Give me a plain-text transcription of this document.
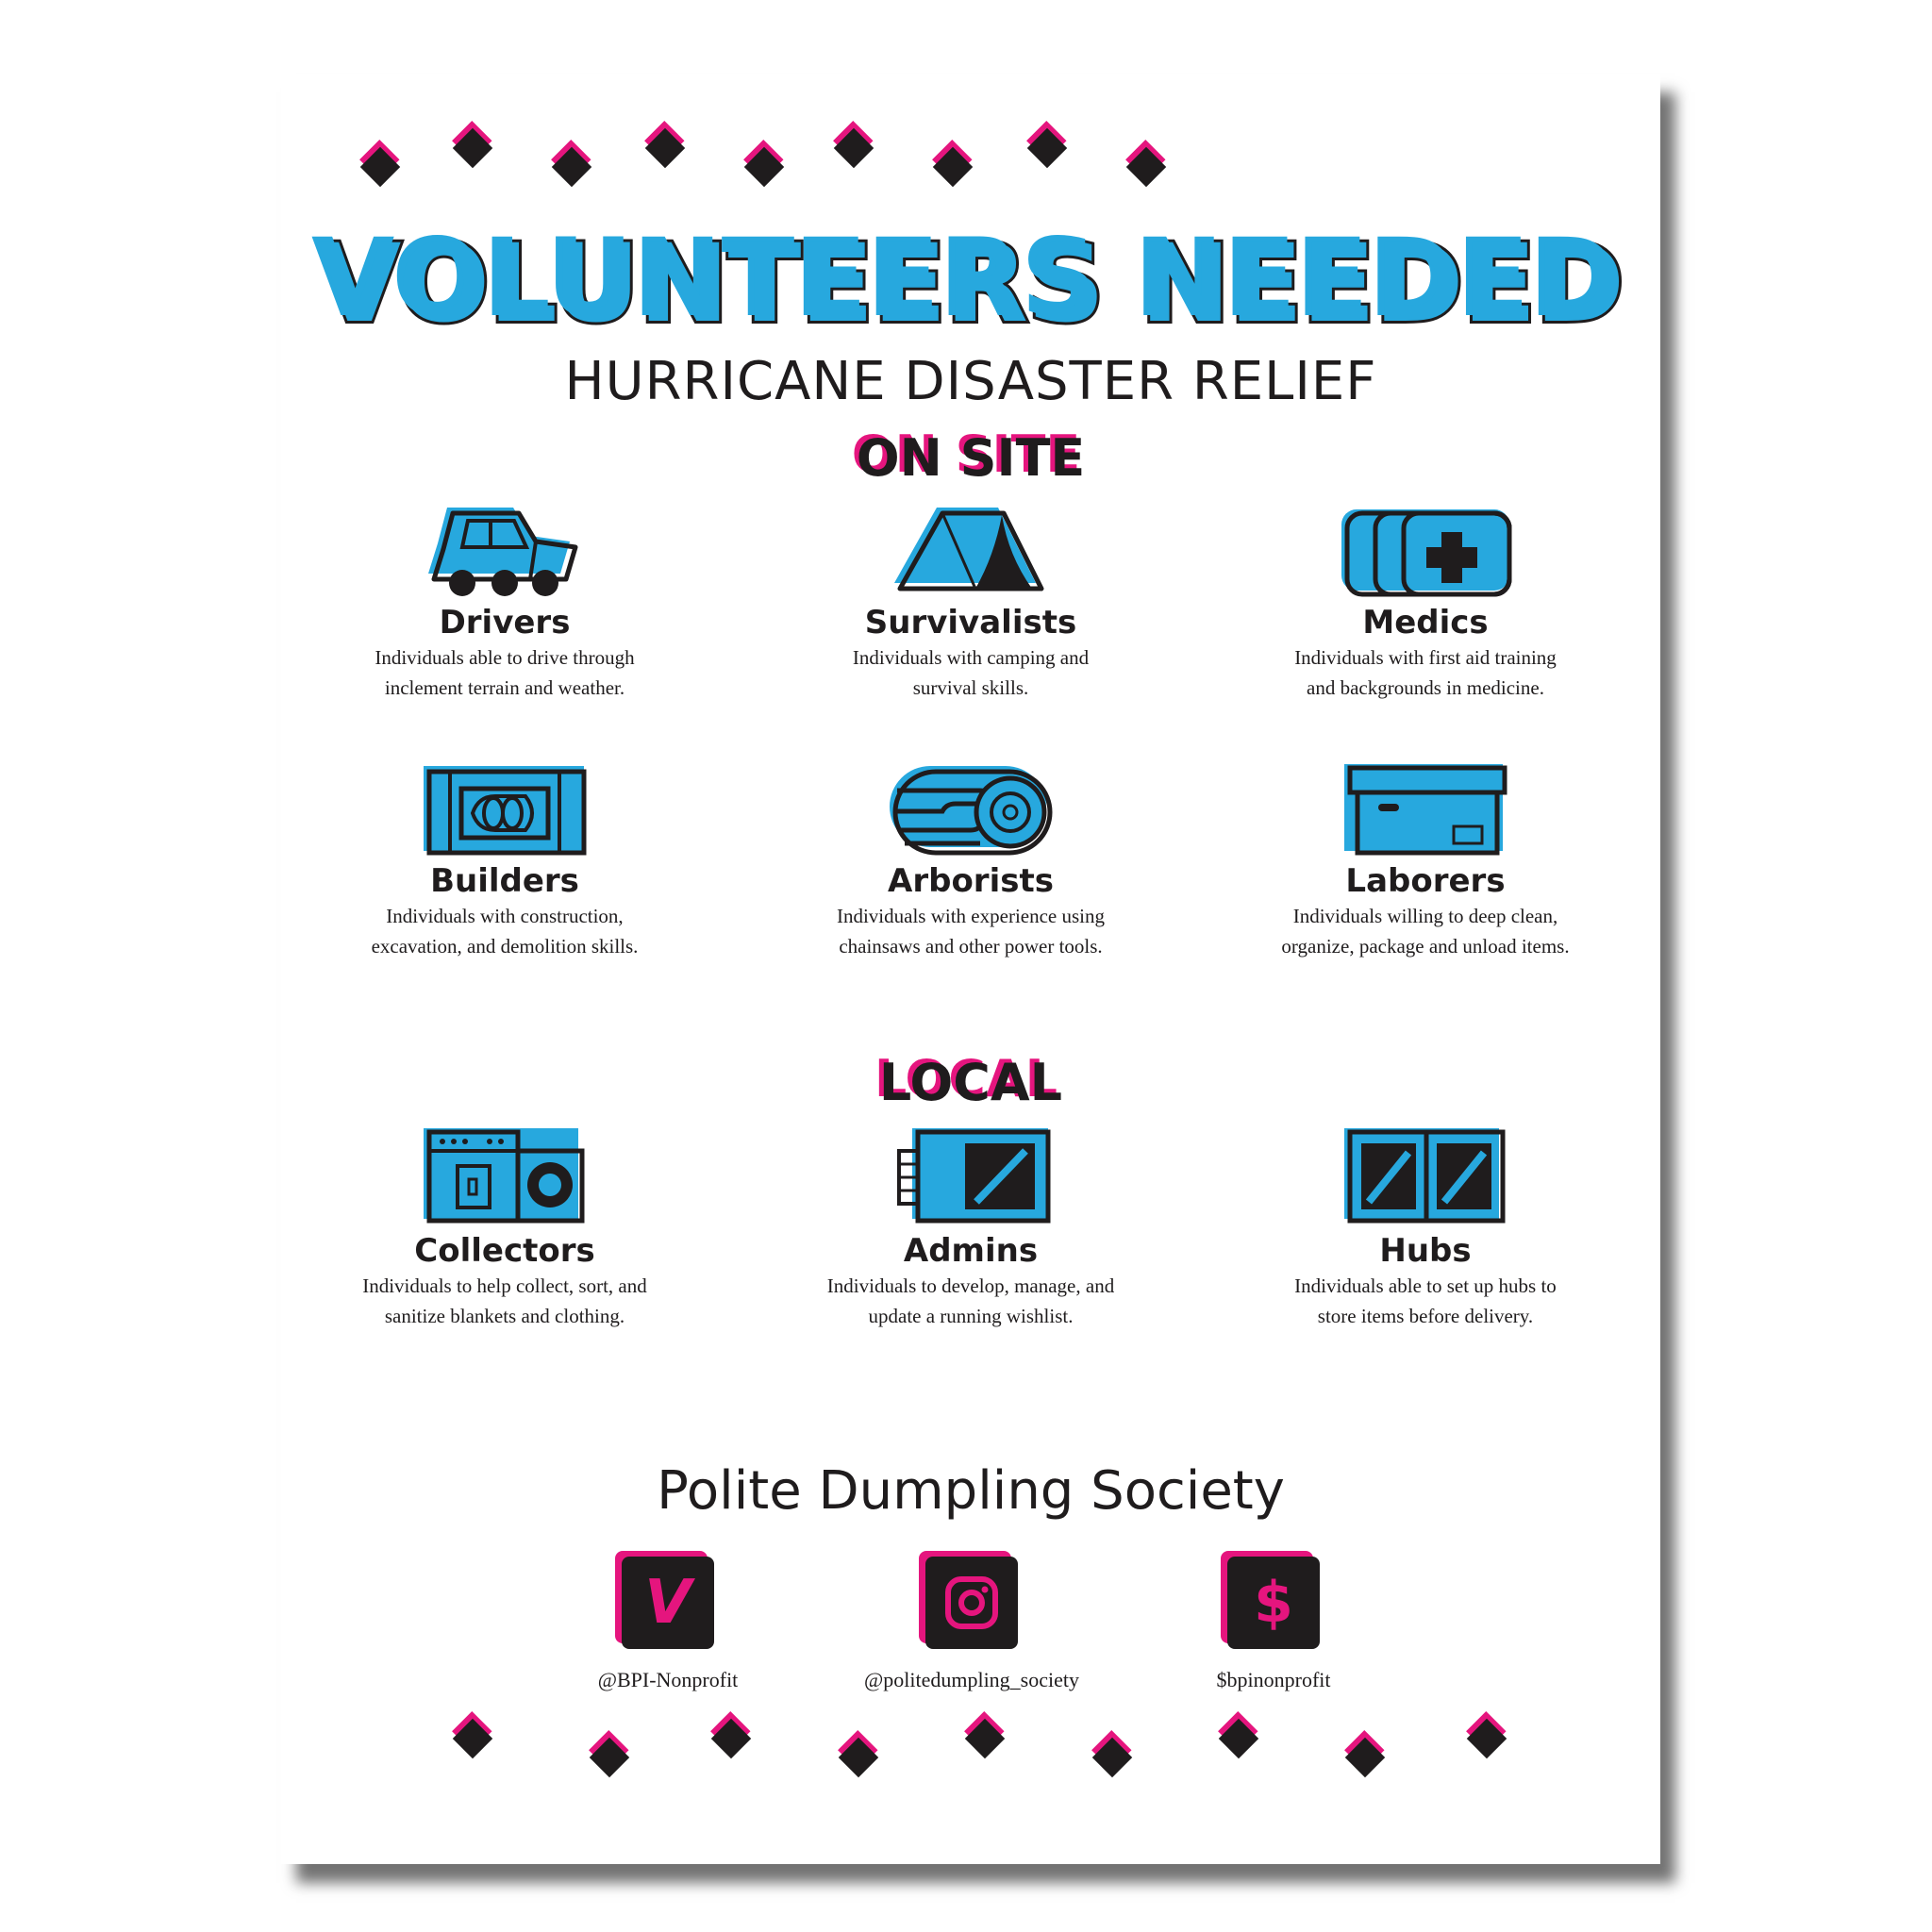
VOLUNTEERS NEEDED
HURRICANE DISASTER RELIEF
ON SITE
Drivers
Individuals able to drive through
inclement terrain and weather.
Survivalists
Individuals with camping and
survival skills.
Medics
Individuals with first aid training
and backgrounds in medicine.
Builders
Individuals with construction,
excavation, and demolition skills.
Arborists
Individuals with experience using
chainsaws and other power tools.
Laborers
Individuals willing to deep clean,
organize, package and unload items.
LOCAL
Collectors
Individuals to help collect, sort, and
sanitize blankets and clothing.
Admins
Individuals to develop, manage, and
update a running wishlist.
Hubs
Individuals able to set up hubs to
store items before delivery.
Polite Dumpling Society
V
@BPI-Nonprofit	@politedumpling_society
$
$bpinonprofit
